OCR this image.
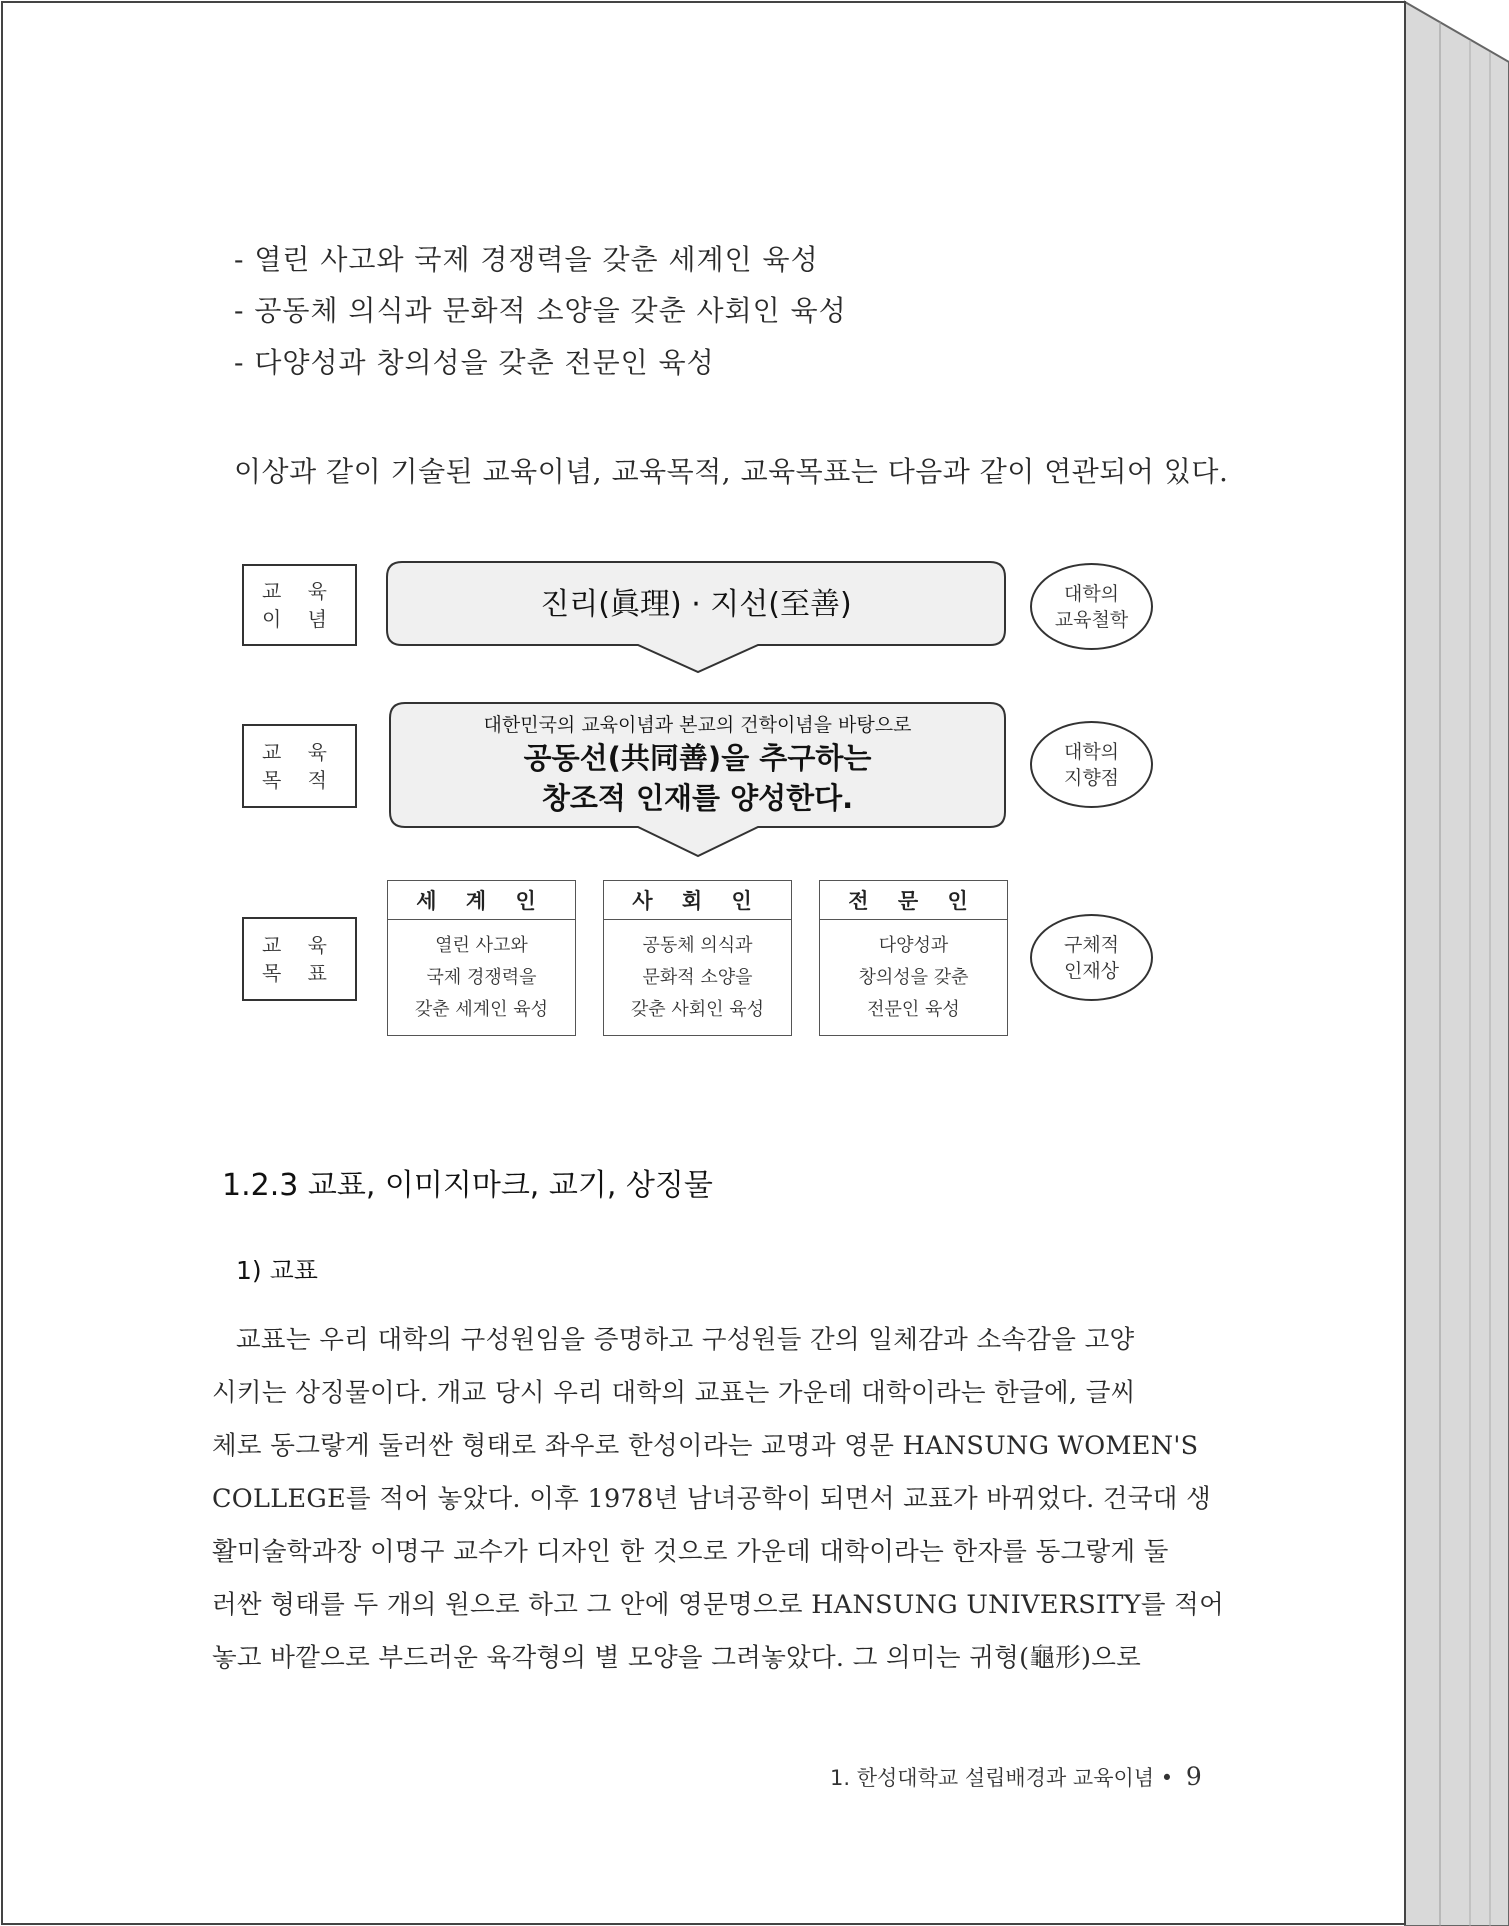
- 열린 사고와 국제 경쟁력을 갖춘 세계인 육성
- 공동체 의식과 문화적 소양을 갖춘 사회인 육성
- 다양성과 창의성을 갖춘 전문인 육성
이상과 같이 기술된 교육이념, 교육목적, 교육목표는 다음과 같이 연관되어 있다.
교 육
이 념
교 육
목 적
교 육
목 표
진리(眞理) · 지선(至善)
대한민국의 교육이념과 본교의 건학이념을 바탕으로
공동선(共同善)을 추구하는
창조적 인재를 양성한다.
세 계 인
열린 사고와
국제 경쟁력을
갖춘 세계인 육성
사 회 인
공동체 의식과
문화적 소양을
갖춘 사회인 육성
전 문 인
다양성과
창의성을 갖춘
전문인 육성
대학의
교육철학
대학의
지향점
구체적
인재상
1.2.3 교표, 이미지마크, 교기, 상징물
1) 교표
교표는 우리 대학의 구성원임을 증명하고 구성원들 간의 일체감과 소속감을 고양
시키는 상징물이다. 개교 당시 우리 대학의 교표는 가운데 대학이라는 한글에, 글씨
체로 동그랗게 둘러싼 형태로 좌우로 한성이라는 교명과 영문 HANSUNG WOMEN'S
COLLEGE를 적어 놓았다. 이후 1978년 남녀공학이 되면서 교표가 바뀌었다. 건국대 생
활미술학과장 이명구 교수가 디자인 한 것으로 가운데 대학이라는 한자를 동그랗게 둘
러싼 형태를 두 개의 원으로 하고 그 안에 영문명으로 HANSUNG UNIVERSITY를 적어
놓고 바깥으로 부드러운 육각형의 별 모양을 그려놓았다. 그 의미는 귀형(龜形)으로
1. 한성대학교 설립배경과 교육이념 • 9
